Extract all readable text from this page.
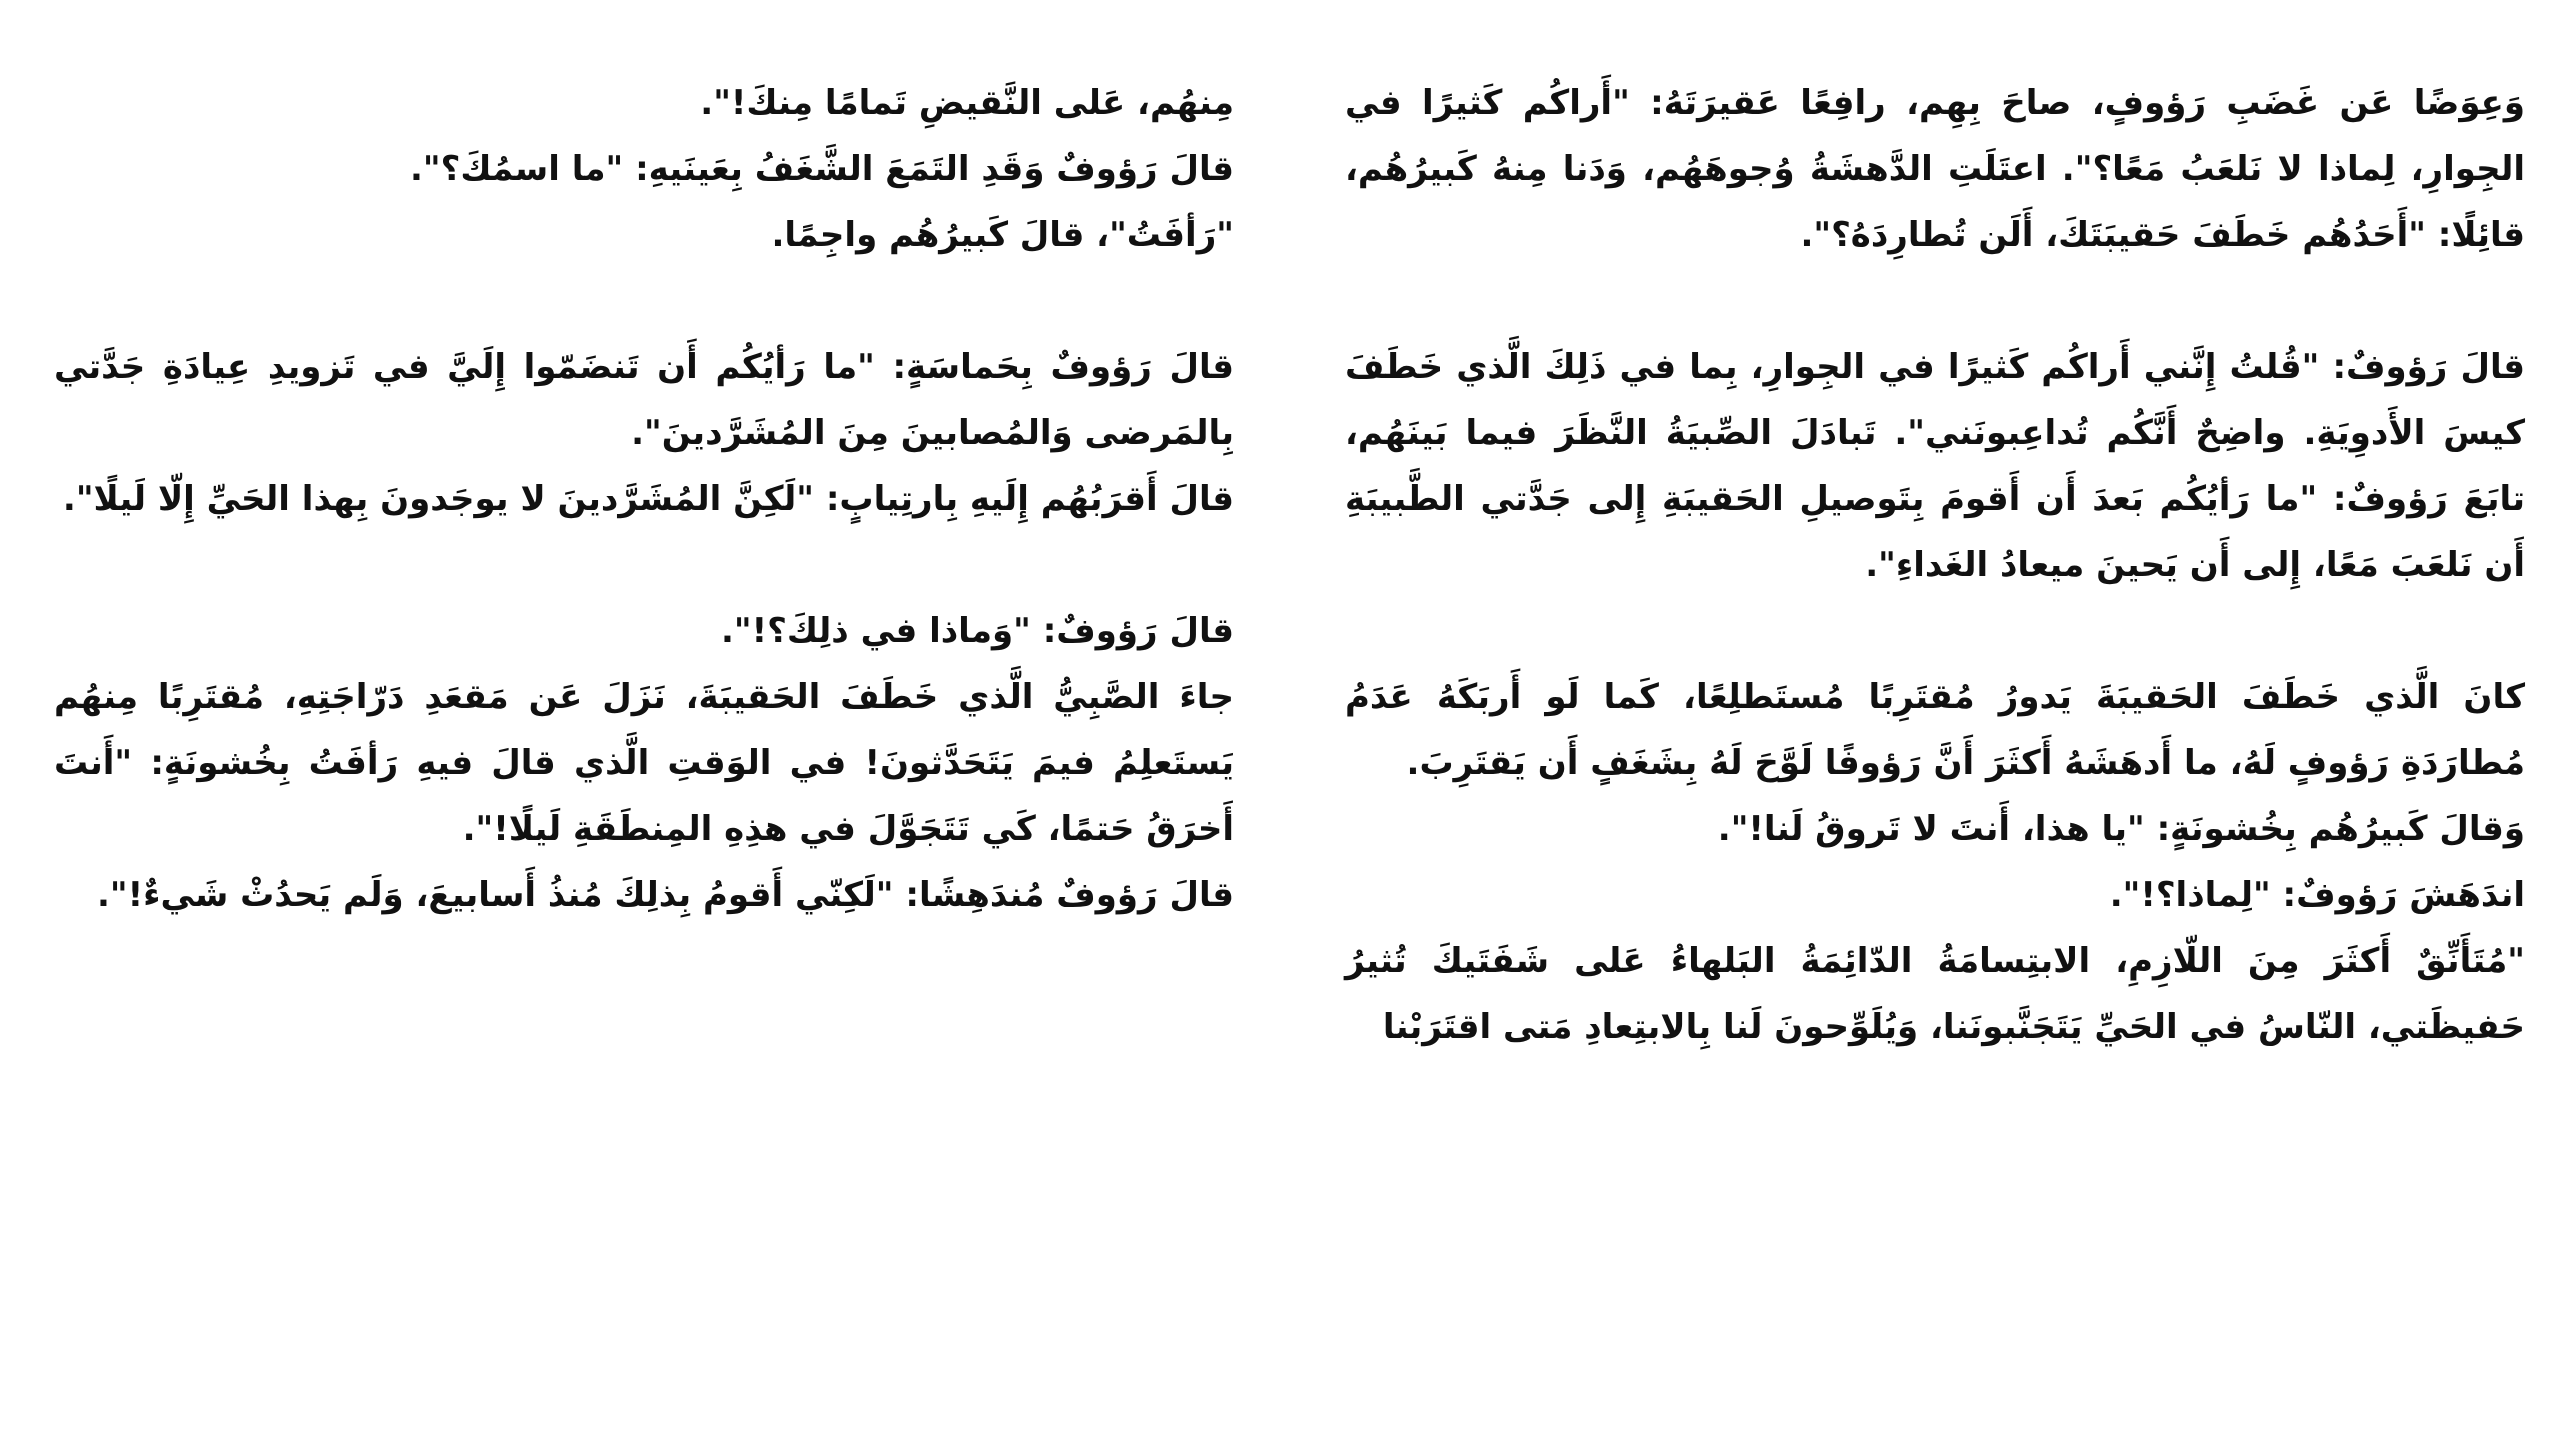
وَعِوَضًا عَن غَضَبِ رَؤوفٍ، صاحَ بِهِم، رافِعًا عَقيرَتَهُ: "أَراكُم كَثيرًا في الجِوارِ، لِماذا لا نَلعَبُ مَعًا؟". اعتَلَتِ الدَّهشَةُ وُجوهَهُم، وَدَنا مِنهُ كَبيرُهُم، قائِلًا: "أَحَدُهُم خَطَفَ حَقيبَتَكَ، أَلَن تُطارِدَهُ؟".

قالَ رَؤوفٌ: "قُلتُ إِنَّني أَراكُم كَثيرًا في الجِوارِ، بِما في ذَلِكَ الَّذي خَطَفَ كيسَ الأَدوِيَةِ. واضِحٌ أَنَّكُم تُداعِبونَني". تَبادَلَ الصِّبيَةُ النَّظَرَ فيما بَينَهُم، تابَعَ رَؤوفٌ: "ما رَأيُكُم بَعدَ أَن أَقومَ بِتَوصيلِ الحَقيبَةِ إِلى جَدَّتي الطَّبيبَةِ أَن نَلعَبَ مَعًا، إِلى أَن يَحينَ ميعادُ الغَداءِ".

كانَ الَّذي خَطَفَ الحَقيبَةَ يَدورُ مُقتَرِبًا مُستَطلِعًا، كَما لَو أَربَكَهُ عَدَمُ مُطارَدَةِ رَؤوفٍ لَهُ، ما أَدهَشَهُ أَكثَرَ أَنَّ رَؤوفًا لَوَّحَ لَهُ بِشَغَفٍ أَن يَقتَرِبَ.

وَقالَ كَبيرُهُم بِخُشونَةٍ: "يا هذا، أَنتَ لا تَروقُ لَنا!".

اندَهَشَ رَؤوفٌ: "لِماذا؟!".

"مُتَأَنِّقٌ أَكثَرَ مِنَ اللّازِمِ، الابتِسامَةُ الدّائِمَةُ البَلهاءُ عَلى شَفَتَيكَ تُثيرُ حَفيظَتي، النّاسُ في الحَيِّ يَتَجَنَّبونَنا، وَيُلَوِّحونَ لَنا بِالابتِعادِ مَتى اقتَرَبْنا

مِنهُم، عَلى النَّقيضِ تَمامًا مِنكَ!".

قالَ رَؤوفٌ وَقَدِ التَمَعَ الشَّغَفُ بِعَينَيهِ: "ما اسمُكَ؟".

"رَأفَتُ"، قالَ كَبيرُهُم واجِمًا.

قالَ رَؤوفٌ بِحَماسَةٍ: "ما رَأيُكُم أَن تَنضَمّوا إِلَيَّ في تَزويدِ عِيادَةِ جَدَّتي بِالمَرضى وَالمُصابينَ مِنَ المُشَرَّدينَ".

قالَ أَقرَبُهُم إِلَيهِ بِارتِيابٍ: "لَكِنَّ المُشَرَّدينَ لا يوجَدونَ بِهذا الحَيِّ إِلّا لَيلًا".

قالَ رَؤوفٌ: "وَماذا في ذلِكَ؟!".

جاءَ الصَّبِيُّ الَّذي خَطَفَ الحَقيبَةَ، نَزَلَ عَن مَقعَدِ دَرّاجَتِهِ، مُقتَرِبًا مِنهُم يَستَعلِمُ فيمَ يَتَحَدَّثونَ! في الوَقتِ الَّذي قالَ فيهِ رَأفَتُ بِخُشونَةٍ: "أَنتَ أَخرَقُ حَتمًا، كَي تَتَجَوَّلَ في هذِهِ المِنطَقَةِ لَيلًا!".

قالَ رَؤوفٌ مُندَهِشًا: "لَكِنّي أَقومُ بِذلِكَ مُنذُ أَسابيعَ، وَلَم يَحدُثْ شَيءٌ!".
